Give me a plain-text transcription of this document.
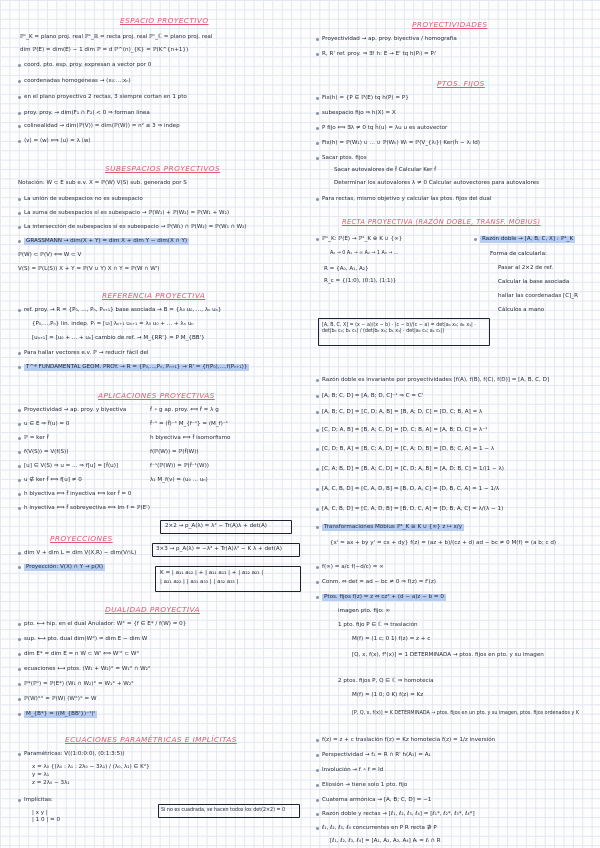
ESPACIO PROYECTIVO
ℙⁿ_K = plano proj. real ℙ¹_ℝ = recta proj. real ℙⁿ_ℂ = plano proj. real
dim ℙ(E) = dim(E) − 1 dim ℙ = d ℙ^(n)_{K} = ℙ(K^{n+1})
coord. pto. esp. proy. expresan a vector por 0
coordenadas homogéneas → (x₀:...:xₙ)
en el plano proyectivo 2 rectas, 3 siempre cortan en 1 pto
proy. proy. → dim(F₁ ∩ F₂) < 0 ⇒ forman línea
colinealidad → dim(ℙ(V)) = dim(ℙ(W)) = n² ≤ 3 ⇒ indep
⟨v⟩ = ⟨w⟩ ⟺ ⟨u⟩ = λ ⟨w⟩
SUBESPACIOS PROYECTIVOS
Notación: W ⊂ E sub e.v. X = ℙ(W) V(S) sub. generado por S
La unión de subespacios no es subespacio
La suma de subespacios sí es subespacio → ℙ(W₁) + ℙ(W₂) = ℙ(W₁ + W₂)
La intersección de subespacios sí es subespacio → ℙ(W₁) ∩ ℙ(W₂) = ℙ(W₁ ∩ W₂)
GRASSMANN → dim(X + Y) = dim X + dim Y − dim(X ∩ Y)
ℙ(W) ⊂ ℙ(V) ⟺ W ⊂ V
V(S) = ℙ(L(S)) X + Y = ℙ(V ∪ Y) X ∩ Y = ℙ(W ∩ W')
REFERENCIA PROYECTIVA
ref. proy. → R = {P₀, ..., Pₙ, Pₙ₊₁} base asociada → B = {λ₀ u₀, ..., λₙ uₙ}
{P₀,...,Pₙ} lin. indep. Pᵢ = [uᵢ] λₙ₊₁ uₙ₊₁ = λ₀ u₀ + ... + λₙ uₙ
[uₙ₊₁] = [u₀ + ... + uₙ] cambio de ref. → M_{RR'} = P M_{BB'}
Para hallar vectores e.v. ℙ → reducir fácil del
T^ª FUNDAMENTAL GEOM. PROY. → R = {P₀,...,Pₙ, Pₙ₊₁} → R' = {f(P₀),...,f(Pₙ₊₁)}
APLICACIONES PROYECTIVAS
Proyectividad → ap. proy. y biyectiva	f̂ ∘ g ap. proy. ⟺ f̂ = λ g
u ∈ E ⇒ f̂(u) = 0	f̂⁻¹ = (f̂)⁻¹ M_{f⁻¹} = (M_f)⁻¹
ℙ = ker f̂	h biyectiva ⟺ f̂ isomorfismo
f(V(S)) = V(f(S))	f(ℙ(W)) = ℙ(f̂(W))
[u] ∈ V(S) ⇒ u = ... ⇒ f[u] = [f̂(u)]	f⁻¹(ℙ(W)) = ℙ(f̂⁻¹(W))
u ∉ ker f̂ ⟺ f[u] ≠ 0	λ₁ M_f(v) = (u₀ ... uₙ)
h biyectiva ⟺ f̂ inyectiva ⟺ ker f̂ = 0
h inyectiva ⟺ f̂ sobreyectiva ⟺ Im f = ℙ(E')
2×2 → p_A(λ) = λ² − Tr(A)λ + det(A)
PROYECCIONES
dim V + dim L = dim V(X,R) − dim(V∩L)
3×3 → p_A(λ) = −λ³ + Tr(A)λ² − K λ + det(A)
Proyección: V(X) ∩ Y → p(X)
K = | a₁₁ a₁₂ | + | a₁₁ a₁₃ | + | a₂₂ a₂₃ |
| a₂₁ a₂₂ | | a₃₁ a₃₃ | | a₃₂ a₃₃ |
DUALIDAD PROYECTIVA
pto. ⟷ hip. en el dual Anulador: W° = {f ∈ E* / f(W) = 0}
sup. ⟷ pto. dual dim(W°) = dim E − dim W
dim E* = dim E = n W ⊂ W' ⟺ W'° ⊂ W°
ecuaciones ⟷ ptos. (W₁ + W₂)° = W₁° ∩ W₂°
ℙ*(ℙⁿ) = ℙ(E*) (W₁ ∩ W₂)° = W₁° + W₂°
ℙ(W)°° = ℙ(W) (W°)° = W
M_{B*} = ((M_{BB'})⁻¹)ᵗ
ECUACIONES PARAMÉTRICAS E IMPLÍCITAS
Paramétricas: V((1:0:0:0), (0:1:3:5))
x = λ₀ {(λ₀ : λ₁ : 2λ₀ − 3λ₁) / (λ₀, λ₁) ∈ K²}
y = λ₁
z = 2λ₀ − 3λ₁
Implícitas:
| x y |
| 1 0 | = 0
Si no es cuadrada, se hacen todos los det(2×2) = 0
PROYECTIVIDADES
Proyectividad → ap. proy. biyectiva / homografía
R, R' ref. proy. ⇒ ∃! h: E → E' tq h(Pᵢ) = Pᵢ'
PTOS. FIJOS
Fix(h) = {P ∈ ℙ(E) tq h(P) = P}
subespacio fijo ⇒ h(X) = X
P fijo ⟺ ∃λ ≠ 0 tq h̃(u) = λu u es autovector
Fix(h) = ℙ(W₁) ∪ ... ∪ ℙ(Wₖ) Wᵢ = ℙ(V_{λᵢ}) Ker(h̃ − λᵢ Id)
Sacar ptos. fijos
Sacar autovalores de f̂ Calcular Ker f̂
Determinar los autovalores λ ≠ 0 Calcular autovectores para autovalores
Para rectas, mismo objetivo y calcular las ptos. fijos del dual
RECTA PROYECTIVA (RAZÓN DOBLE, TRANSF. MÖBIUS)
ℙ¹_K: ℙ(E) → ℙ¹_K ⊕ K ∪ {∞}	Razón doble → [A, B, C, X] : ℙ¹_K
A₀ → 0 A₁ → ∞ A₂ → 1 A₃ → ...	Forma de calcularla:
R = {A₀, A₁, A₂}	Pasar al 2×2 de ref.
R_c = {(1:0), (0:1), (1:1)}	Calcular la base asociada
hallar las coordenadas [C]_R
Cálculos a mano
[A, B, C, X] = (x − a)/(x − b) · (c − b)/(c − a) = det|a₀ x₀; a₁ x₁| · det|b₀ c₀; b₁ c₁| / (det|b₀ x₀; b₁ x₁| · det|a₀ c₀; a₁ c₁|)
Razón doble es invariante por proyectividades [f(A), f(B), f(C), f(D)] = [A, B, C, D]
[A, B; C, D] = [A, B; D, C]⁻¹ ⇒ C = C'
[A, B; C, D] = [C, D; A, B] = [B, A; D, C] = [D, C; B, A] = λ
[C, D; A, B] = [B, A; C, D] = [D, C; B, A] = [A, B; D, C] = λ⁻¹
[C, D; B, A] = [B, C; A, D] = [C, A; D, B] = [D, B; C, A] = 1 − λ
[C, A; B, D] = [B, A; C, D] = [C, D; A, B] = [A, D; B, C] = 1/(1 − λ)
[A, C, B, D] = [C, A, D, B] = [B, D, A, C] = [D, B, C, A] = 1 − 1/λ
[A, C, B, D] = [C, A, D, B] = [B, D, C, A] = [D, B, A, C] = λ/(λ − 1)
Transformaciones Möbius ℙ¹_K ≅ K ∪ {∞} z ↦ x/y
{x' = ax + by y' = cx + dy} f(z) = (az + b)/(cz + d) ad − bc ≠ 0 M(f) = (a b; c d)
f(∞) = a/c f(−d/c) = ∞
Conm. ⇔ det = ad − bc ≠ 0 ⇒ f(z) = f'(z)
Ptos. fijos f(z) = z ⇔ cz² + (d − a)z − b = 0
imagen pto. fijo: ∞
1 pto. fijo P ∈ ℂ ⇒ traslación
M(f) = (1 c; 0 1) f(z) = z + c
[Q, x, f(x), f²(x)] = 1 DETERMINADA → ptos. fijos en pto. y su imagen
2 ptos. fijos P, Q ∈ ℂ ⇒ homotecia
M(f) = (1 0; 0 K) f(z) = Kz
[P, Q, x, f(x)] = K DETERMINADA → ptos. fijos en un pto. y su imagen, ptos. fijos ordenados y K
f(z) = z + c traslación f(z) = Kz homotecia f(z) = 1/z inversión
Perspectividad → f₁ = R ∩ R' h(A₁) = A₁
Involución → f ∘ f = Id
Eliosión → tiene solo 1 pto. fijo
Cuaterna armónica → [A, B; C, D] = −1
Razón doble y rectas → [ℓ₁, ℓ₂, ℓ₃, ℓ₄] = [ℓ₁*, ℓ₂*, ℓ₃*, ℓ₄*]
ℓ₁, ℓ₂, ℓ₃, ℓ₄ concurrentes en P R recta ∌ P
[ℓ₁, ℓ₂, ℓ₃, ℓ₄] = [A₁, A₂, A₃, A₄] Aᵢ = ℓᵢ ∩ R
